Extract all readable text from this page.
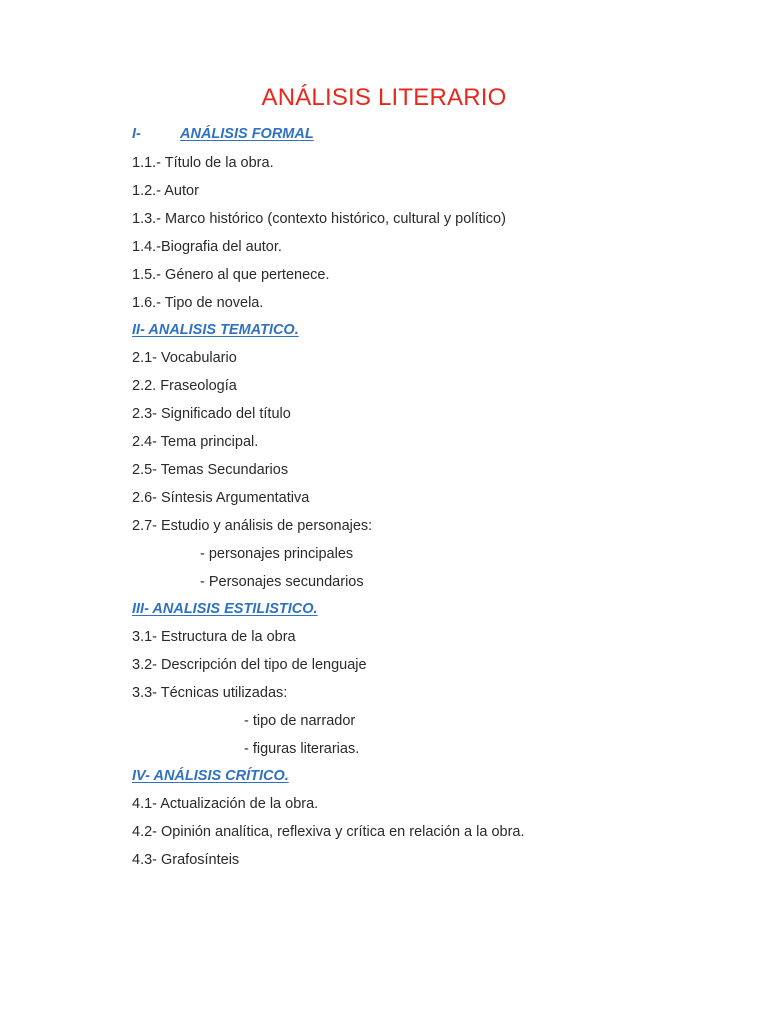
ANÁLISIS LITERARIO
I-	ANÁLISIS FORMAL
1.1.- Título de la obra.
1.2.- Autor
1.3.- Marco histórico (contexto histórico, cultural y político)
1.4.-Biografia del autor.
1.5.- Género al que pertenece.
1.6.- Tipo de novela.
II- ANALISIS TEMATICO.
2.1- Vocabulario
2.2. Fraseología
2.3- Significado del título
2.4- Tema principal.
2.5- Temas Secundarios
2.6- Síntesis Argumentativa
2.7- Estudio y análisis de personajes:
- personajes principales
- Personajes secundarios
III- ANALISIS ESTILISTICO.
3.1- Estructura de la obra
3.2- Descripción del tipo de lenguaje
3.3- Técnicas utilizadas:
- tipo de narrador
- figuras literarias.
IV- ANÁLISIS CRÍTICO.
4.1- Actualización de la obra.
4.2- Opinión analítica, reflexiva y crítica en relación a la obra.
4.3- Grafosínteis
